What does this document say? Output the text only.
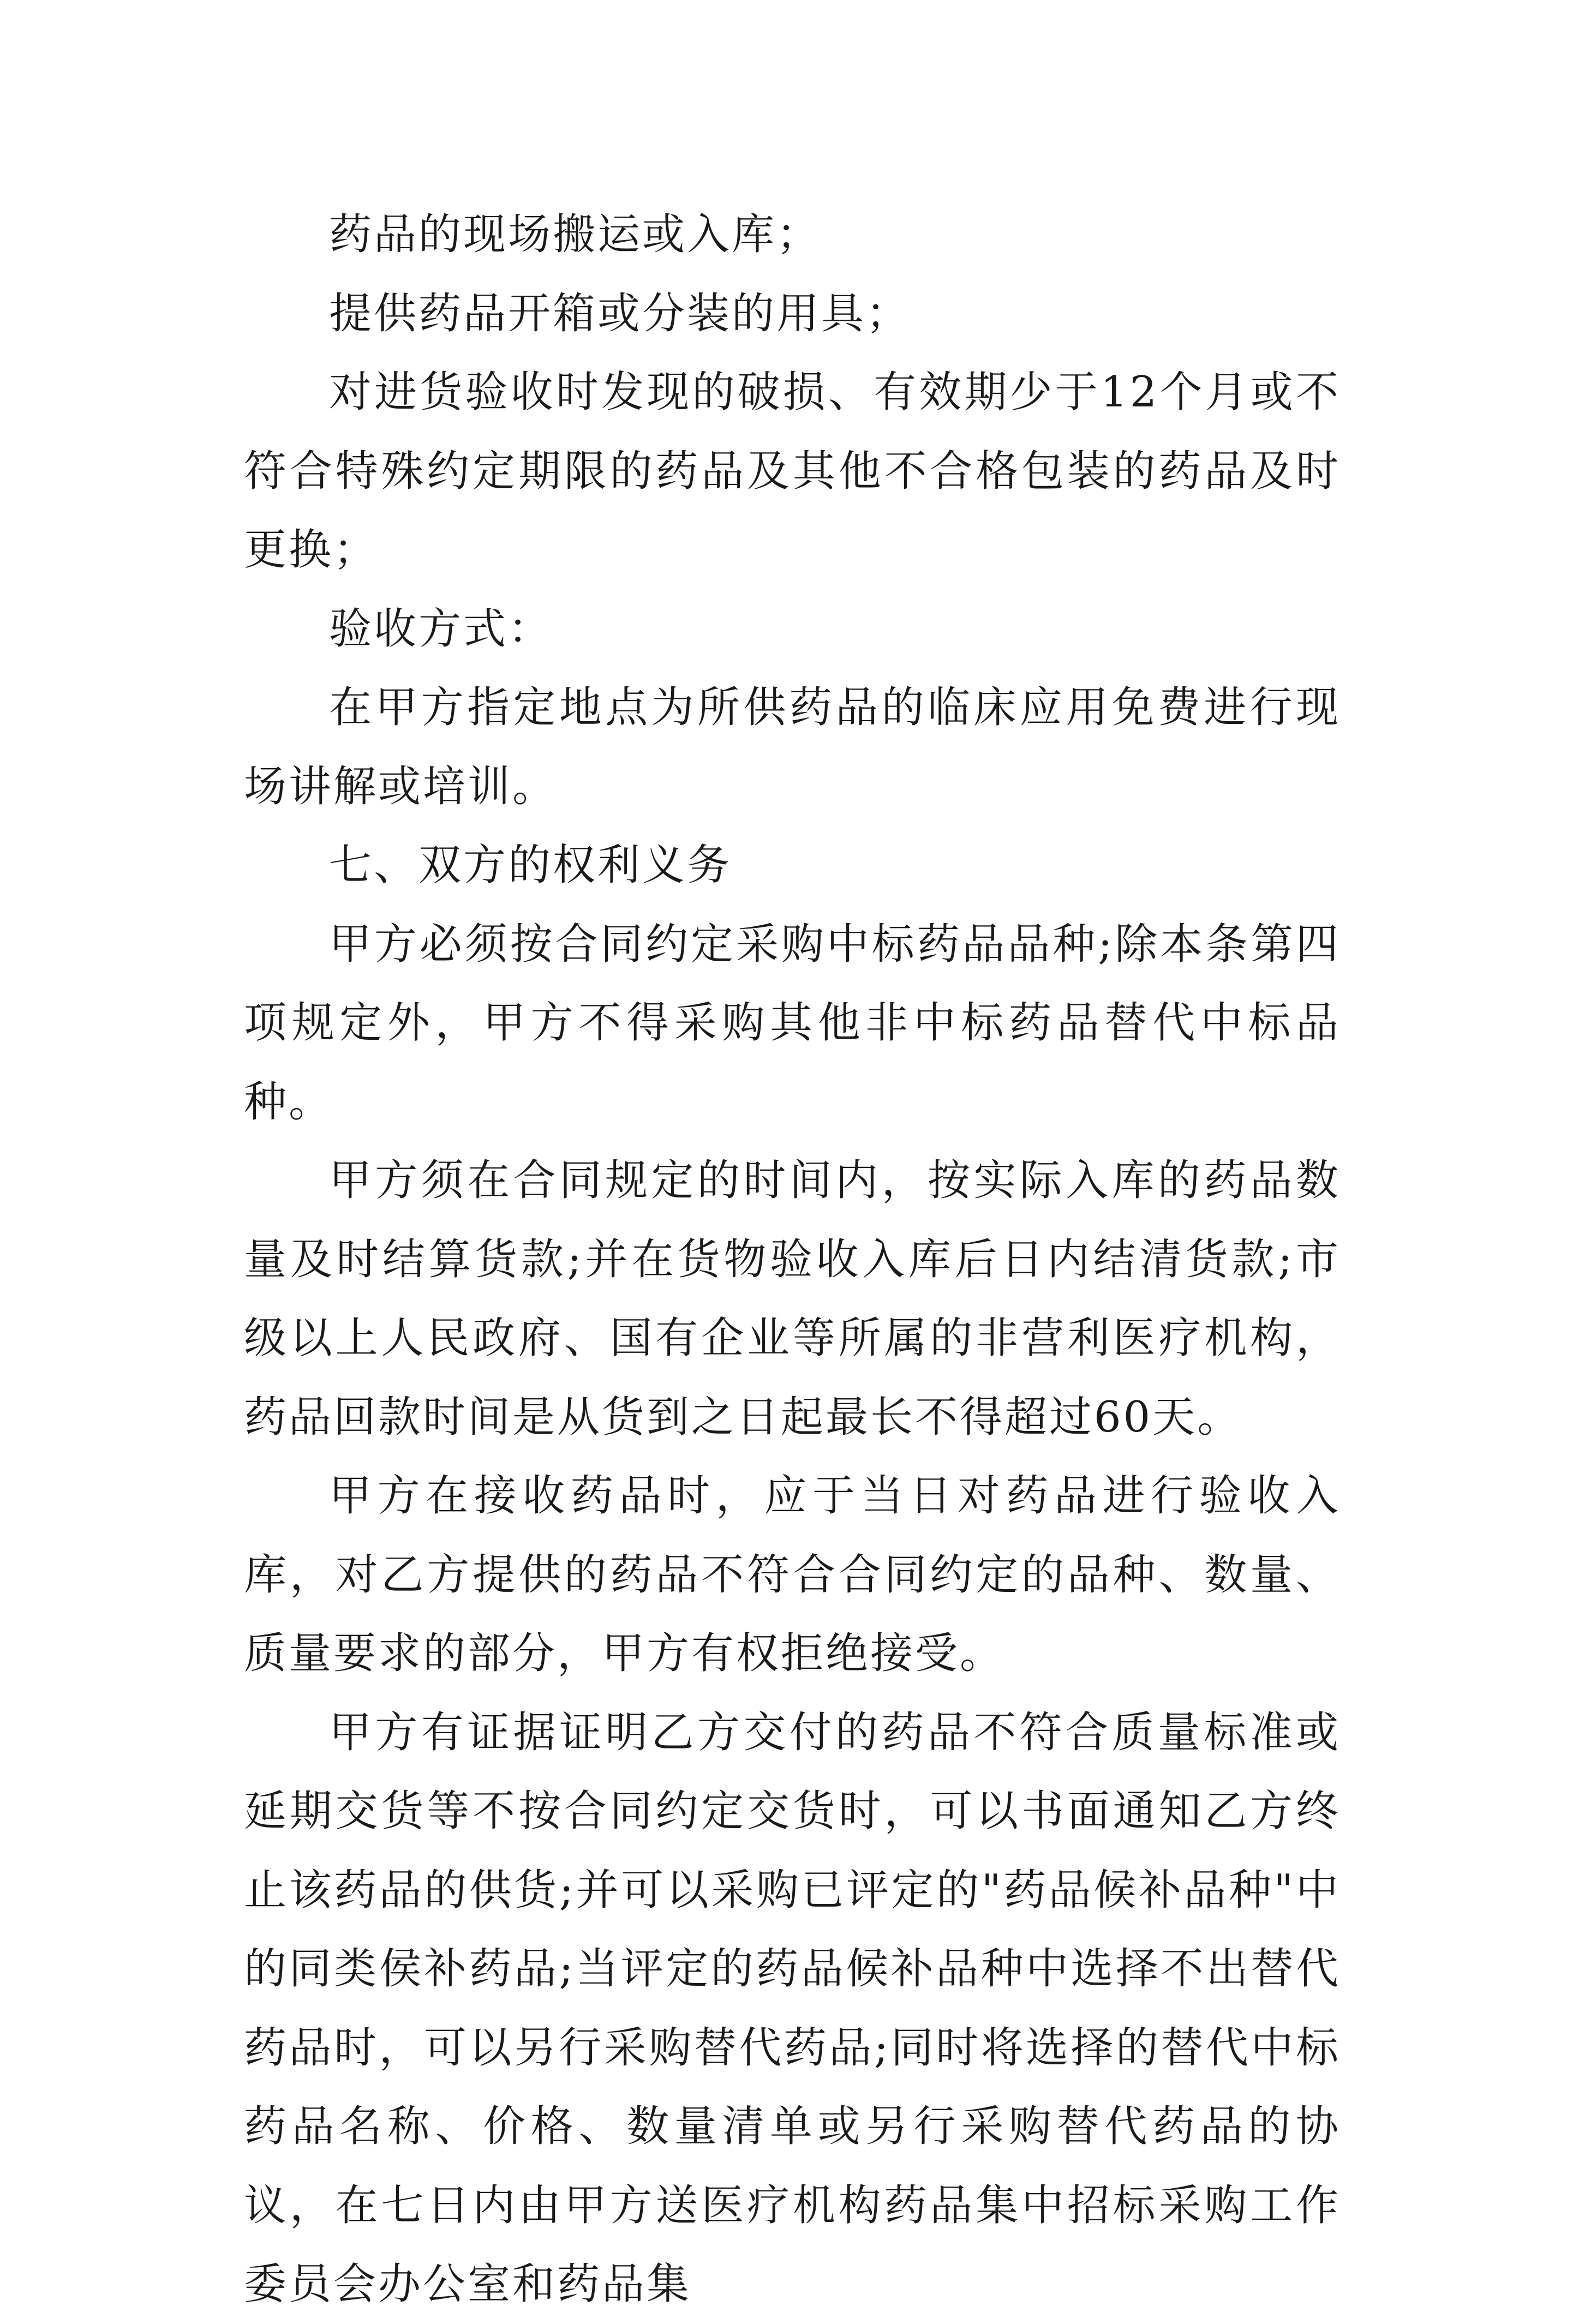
药品的现场搬运或入库；

提供药品开箱或分装的用具；

对进货验收时发现的破损、有效期少于12个月或不符合特殊约定期限的药品及其他不合格包装的药品及时更换；

验收方式：

在甲方指定地点为所供药品的临床应用免费进行现场讲解或培训。

七、双方的权利义务

甲方必须按合同约定采购中标药品品种;除本条第四项规定外，甲方不得采购其他非中标药品替代中标品种。

甲方须在合同规定的时间内，按实际入库的药品数量及时结算货款;并在货物验收入库后日内结清货款;市级以上人民政府、国有企业等所属的非营利医疗机构，药品回款时间是从货到之日起最长不得超过60天。

甲方在接收药品时，应于当日对药品进行验收入库，对乙方提供的药品不符合合同约定的品种、数量、质量要求的部分，甲方有权拒绝接受。

甲方有证据证明乙方交付的药品不符合质量标准或延期交货等不按合同约定交货时，可以书面通知乙方终止该药品的供货;并可以采购已评定的"药品候补品种"中的同类侯补药品;当评定的药品候补品种中选择不出替代药品时，可以另行采购替代药品;同时将选择的替代中标药品名称、价格、数量清单或另行采购替代药品的协议，在七日内由甲方送医疗机构药品集中招标采购工作委员会办公室和药品集
